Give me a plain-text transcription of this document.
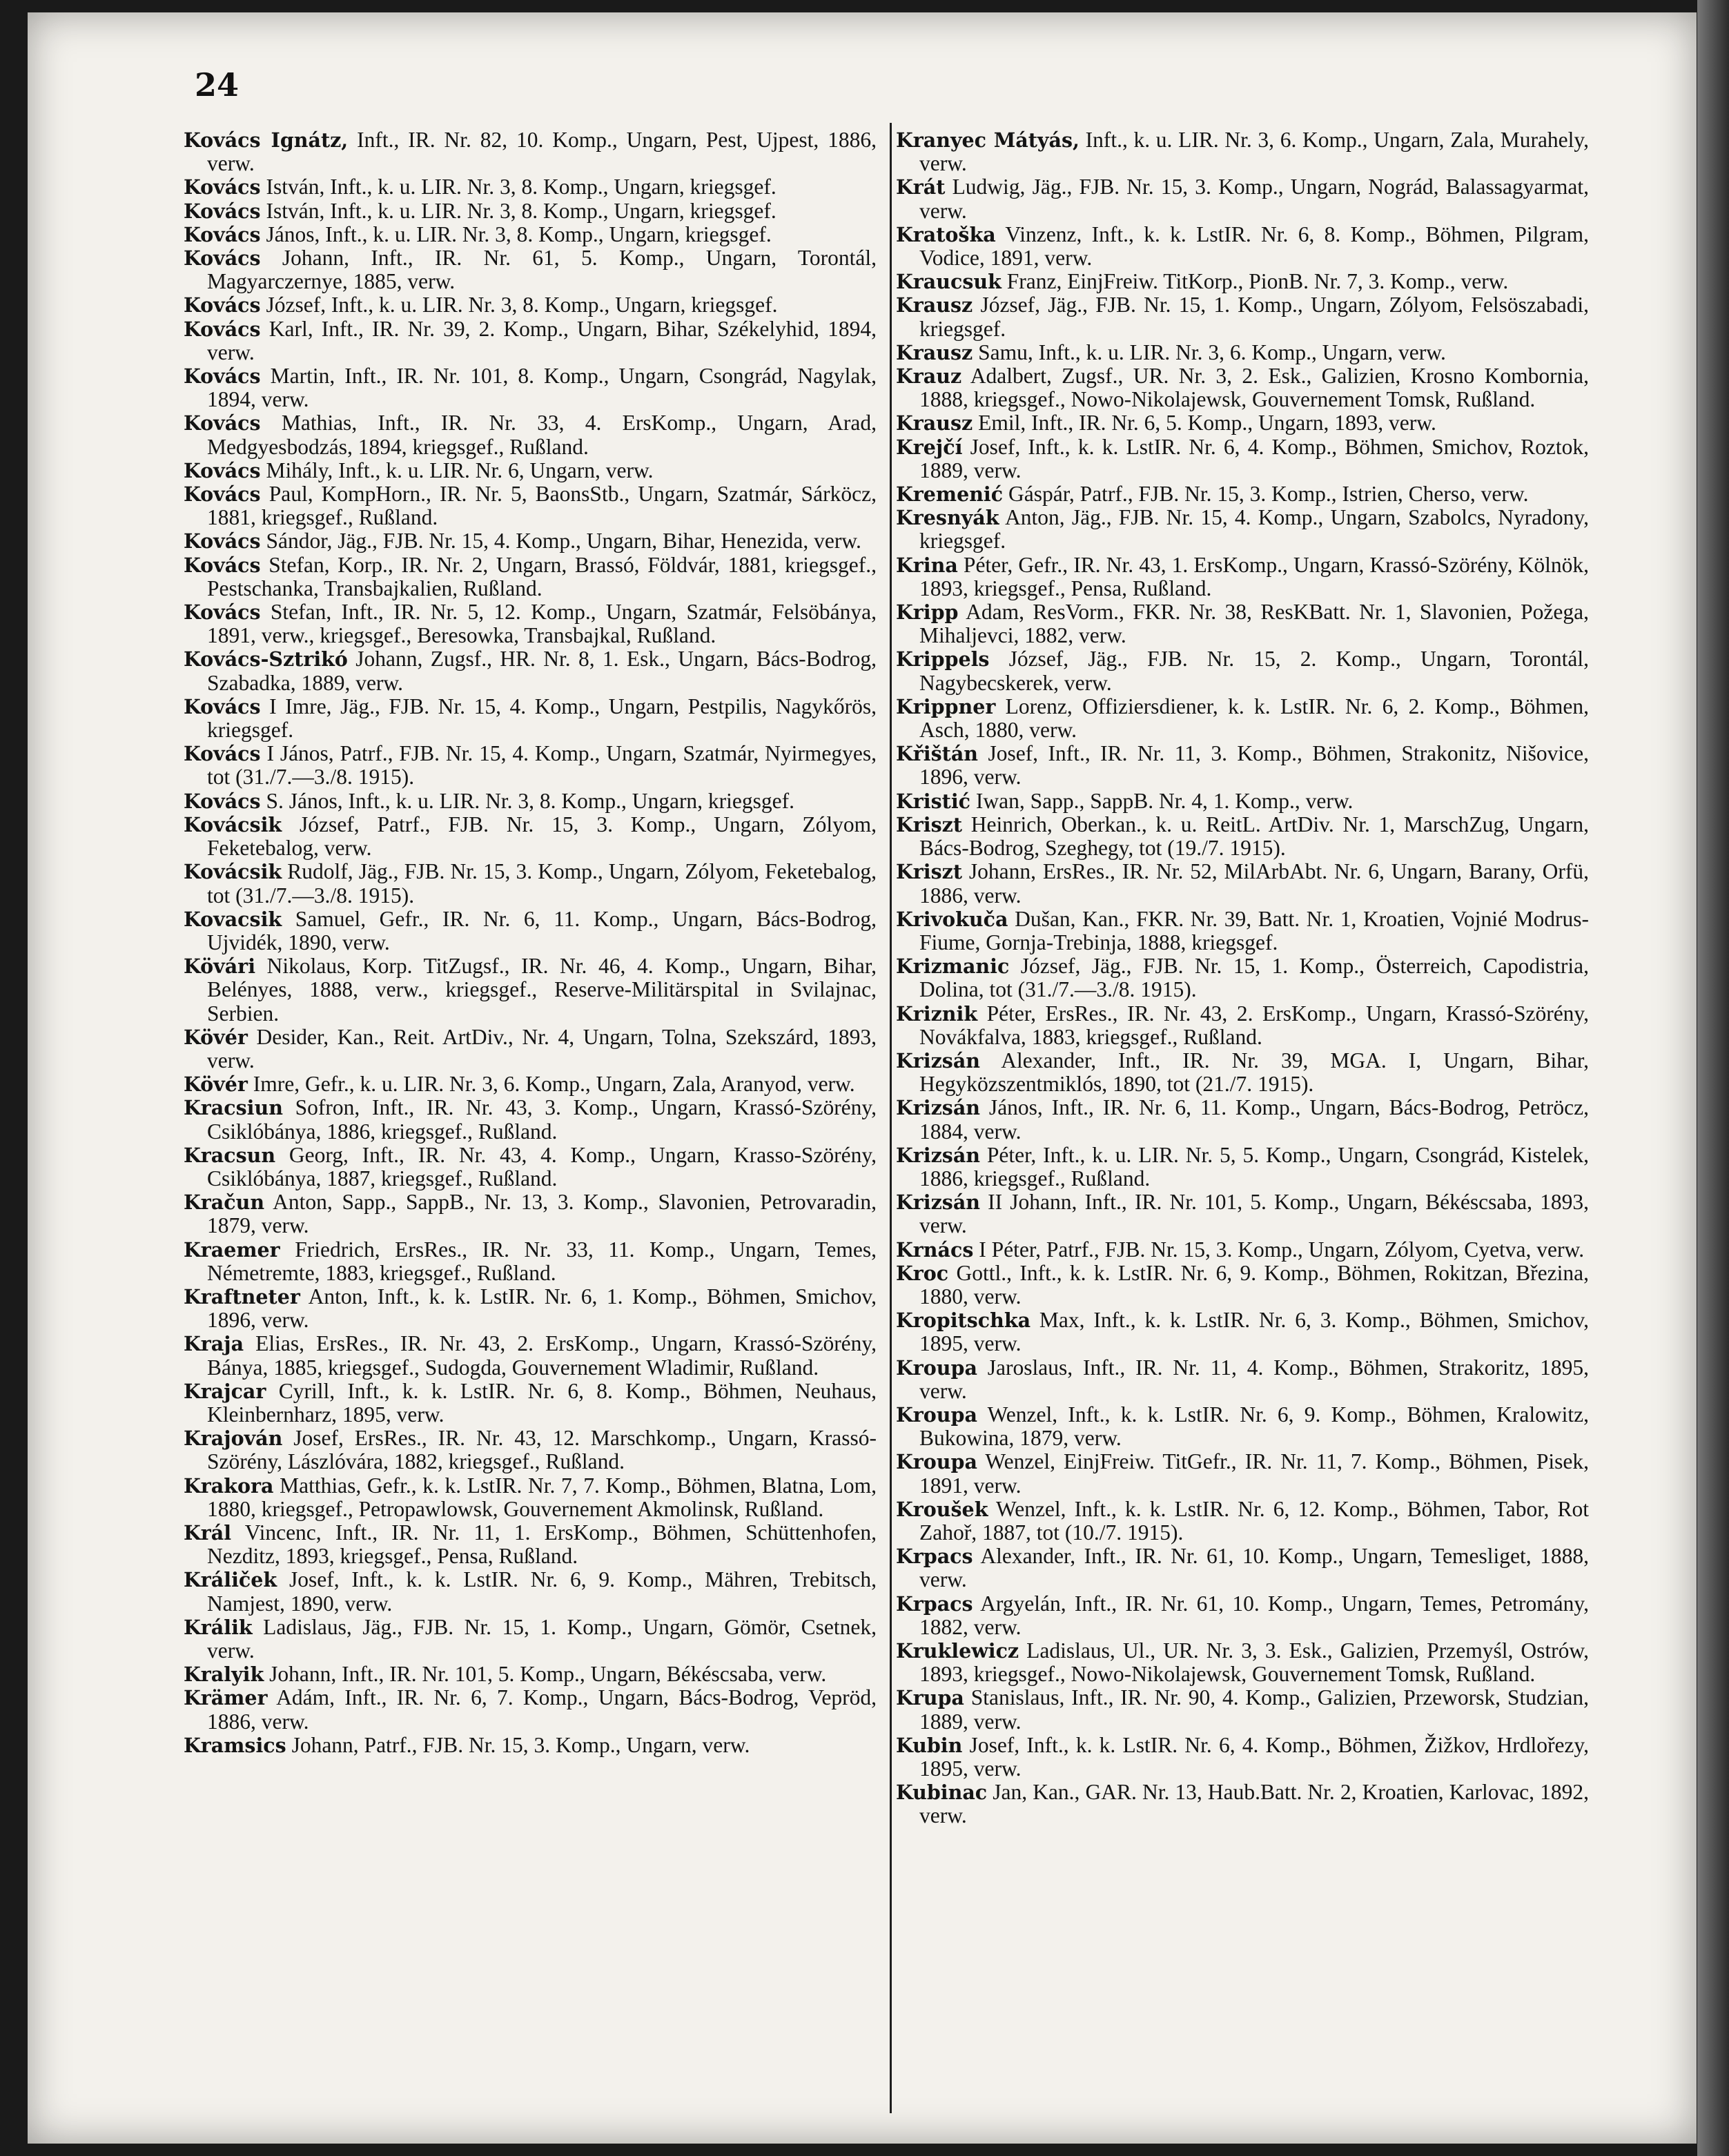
24

Kovács Ignátz, Inft., IR. Nr. 82, 10. Komp., Ungarn, Pest, Ujpest, 1886, verw.

Kovács István, Inft., k. u. LIR. Nr. 3, 8. Komp., Ungarn, kriegsgef.

Kovács István, Inft., k. u. LIR. Nr. 3, 8. Komp., Ungarn, kriegsgef.

Kovács János, Inft., k. u. LIR. Nr. 3, 8. Komp., Ungarn, kriegsgef.

Kovács Johann, Inft., IR. Nr. 61, 5. Komp., Ungarn, Torontál, Magyarczernye, 1885, verw.

Kovács József, Inft., k. u. LIR. Nr. 3, 8. Komp., Ungarn, kriegsgef.

Kovács Karl, Inft., IR. Nr. 39, 2. Komp., Ungarn, Bihar, Székelyhid, 1894, verw.

Kovács Martin, Inft., IR. Nr. 101, 8. Komp., Ungarn, Csongrád, Nagylak, 1894, verw.

Kovács Mathias, Inft., IR. Nr. 33, 4. ErsKomp., Ungarn, Arad, Medgyesbodzás, 1894, kriegsgef., Rußland.

Kovács Mihály, Inft., k. u. LIR. Nr. 6, Ungarn, verw.

Kovács Paul, KompHorn., IR. Nr. 5, BaonsStb., Ungarn, Szatmár, Sárköcz, 1881, kriegsgef., Rußland.

Kovács Sándor, Jäg., FJB. Nr. 15, 4. Komp., Ungarn, Bihar, Henezida, verw.

Kovács Stefan, Korp., IR. Nr. 2, Ungarn, Brassó, Földvár, 1881, kriegsgef., Pestschanka, Transbajkalien, Rußland.

Kovács Stefan, Inft., IR. Nr. 5, 12. Komp., Ungarn, Szatmár, Felsöbánya, 1891, verw., kriegsgef., Beresowka, Transbajkal, Rußland.

Kovács-Sztrikó Johann, Zugsf., HR. Nr. 8, 1. Esk., Ungarn, Bács-Bodrog, Szabadka, 1889, verw.

Kovács I Imre, Jäg., FJB. Nr. 15, 4. Komp., Ungarn, Pestpilis, Nagykőrös, kriegsgef.

Kovács I János, Patrf., FJB. Nr. 15, 4. Komp., Ungarn, Szatmár, Nyirmegyes, tot (31./7.—3./8. 1915).

Kovács S. János, Inft., k. u. LIR. Nr. 3, 8. Komp., Ungarn, kriegsgef.

Kovácsik József, Patrf., FJB. Nr. 15, 3. Komp., Ungarn, Zólyom, Feketebalog, verw.

Kovácsik Rudolf, Jäg., FJB. Nr. 15, 3. Komp., Ungarn, Zólyom, Feketebalog, tot (31./7.—3./8. 1915).

Kovacsik Samuel, Gefr., IR. Nr. 6, 11. Komp., Ungarn, Bács-Bodrog, Ujvidék, 1890, verw.

Kövári Nikolaus, Korp. TitZugsf., IR. Nr. 46, 4. Komp., Ungarn, Bihar, Belényes, 1888, verw., kriegsgef., Reserve-Militärspital in Svilajnac, Serbien.

Kövér Desider, Kan., Reit. ArtDiv., Nr. 4, Ungarn, Tolna, Szekszárd, 1893, verw.

Kövér Imre, Gefr., k. u. LIR. Nr. 3, 6. Komp., Ungarn, Zala, Aranyod, verw.

Kracsiun Sofron, Inft., IR. Nr. 43, 3. Komp., Ungarn, Krassó-Szörény, Csiklóbánya, 1886, kriegsgef., Rußland.

Kracsun Georg, Inft., IR. Nr. 43, 4. Komp., Ungarn, Krasso-Szörény, Csiklóbánya, 1887, kriegsgef., Rußland.

Kračun Anton, Sapp., SappB., Nr. 13, 3. Komp., Slavonien, Petrovaradin, 1879, verw.

Kraemer Friedrich, ErsRes., IR. Nr. 33, 11. Komp., Ungarn, Temes, Németremte, 1883, kriegsgef., Rußland.

Kraftneter Anton, Inft., k. k. LstIR. Nr. 6, 1. Komp., Böhmen, Smichov, 1896, verw.

Kraja Elias, ErsRes., IR. Nr. 43, 2. ErsKomp., Ungarn, Krassó-Szörény, Bánya, 1885, kriegsgef., Sudogda, Gouvernement Wladimir, Rußland.

Krajcar Cyrill, Inft., k. k. LstIR. Nr. 6, 8. Komp., Böhmen, Neuhaus, Kleinbernharz, 1895, verw.

Krajován Josef, ErsRes., IR. Nr. 43, 12. Marschkomp., Ungarn, Krassó-Szörény, Lászlóvára, 1882, kriegsgef., Rußland.

Krakora Matthias, Gefr., k. k. LstIR. Nr. 7, 7. Komp., Böhmen, Blatna, Lom, 1880, kriegsgef., Petropawlowsk, Gouvernement Akmolinsk, Rußland.

Král Vincenc, Inft., IR. Nr. 11, 1. ErsKomp., Böhmen, Schüttenhofen, Nezditz, 1893, kriegsgef., Pensa, Rußland.

Králiček Josef, Inft., k. k. LstIR. Nr. 6, 9. Komp., Mähren, Trebitsch, Namjest, 1890, verw.

Králik Ladislaus, Jäg., FJB. Nr. 15, 1. Komp., Ungarn, Gömör, Csetnek, verw.

Kralyik Johann, Inft., IR. Nr. 101, 5. Komp., Ungarn, Békéscsaba, verw.

Krämer Adám, Inft., IR. Nr. 6, 7. Komp., Ungarn, Bács-Bodrog, Vepröd, 1886, verw.

Kramsics Johann, Patrf., FJB. Nr. 15, 3. Komp., Ungarn, verw.

Kranyec Mátyás, Inft., k. u. LIR. Nr. 3, 6. Komp., Ungarn, Zala, Murahely, verw.

Krát Ludwig, Jäg., FJB. Nr. 15, 3. Komp., Ungarn, Nográd, Balassagyarmat, verw.

Kratoška Vinzenz, Inft., k. k. LstIR. Nr. 6, 8. Komp., Böhmen, Pilgram, Vodice, 1891, verw.

Kraucsuk Franz, EinjFreiw. TitKorp., PionB. Nr. 7, 3. Komp., verw.

Krausz József, Jäg., FJB. Nr. 15, 1. Komp., Ungarn, Zólyom, Felsöszabadi, kriegsgef.

Krausz Samu, Inft., k. u. LIR. Nr. 3, 6. Komp., Ungarn, verw.

Krauz Adalbert, Zugsf., UR. Nr. 3, 2. Esk., Galizien, Krosno Kombornia, 1888, kriegsgef., Nowo-Nikolajewsk, Gouvernement Tomsk, Rußland.

Krausz Emil, Inft., IR. Nr. 6, 5. Komp., Ungarn, 1893, verw.

Krejčí Josef, Inft., k. k. LstIR. Nr. 6, 4. Komp., Böhmen, Smichov, Roztok, 1889, verw.

Kremenić Gáspár, Patrf., FJB. Nr. 15, 3. Komp., Istrien, Cherso, verw.

Kresnyák Anton, Jäg., FJB. Nr. 15, 4. Komp., Ungarn, Szabolcs, Nyradony, kriegsgef.

Krina Péter, Gefr., IR. Nr. 43, 1. ErsKomp., Ungarn, Krassó-Szörény, Kölnök, 1893, kriegsgef., Pensa, Rußland.

Kripp Adam, ResVorm., FKR. Nr. 38, ResKBatt. Nr. 1, Slavonien, Požega, Mihaljevci, 1882, verw.

Krippels József, Jäg., FJB. Nr. 15, 2. Komp., Ungarn, Torontál, Nagybecskerek, verw.

Krippner Lorenz, Offiziersdiener, k. k. LstIR. Nr. 6, 2. Komp., Böhmen, Asch, 1880, verw.

Křištán Josef, Inft., IR. Nr. 11, 3. Komp., Böhmen, Strakonitz, Nišovice, 1896, verw.

Kristić Iwan, Sapp., SappB. Nr. 4, 1. Komp., verw.

Kriszt Heinrich, Oberkan., k. u. ReitL. ArtDiv. Nr. 1, MarschZug, Ungarn, Bács-Bodrog, Szeghegy, tot (19./7. 1915).

Kriszt Johann, ErsRes., IR. Nr. 52, MilArbAbt. Nr. 6, Ungarn, Barany, Orfü, 1886, verw.

Krivokuča Dušan, Kan., FKR. Nr. 39, Batt. Nr. 1, Kroatien, Vojnié Modrus-Fiume, Gornja-Trebinja, 1888, kriegsgef.

Krizmanic József, Jäg., FJB. Nr. 15, 1. Komp., Österreich, Capodistria, Dolina, tot (31./7.—3./8. 1915).

Kriznik Péter, ErsRes., IR. Nr. 43, 2. ErsKomp., Ungarn, Krassó-Szörény, Novákfalva, 1883, kriegsgef., Rußland.

Krizsán Alexander, Inft., IR. Nr. 39, MGA. I, Ungarn, Bihar, Hegyközszentmiklós, 1890, tot (21./7. 1915).

Krizsán János, Inft., IR. Nr. 6, 11. Komp., Ungarn, Bács-Bodrog, Petröcz, 1884, verw.

Krizsán Péter, Inft., k. u. LIR. Nr. 5, 5. Komp., Ungarn, Csongrád, Kistelek, 1886, kriegsgef., Rußland.

Krizsán II Johann, Inft., IR. Nr. 101, 5. Komp., Ungarn, Békéscsaba, 1893, verw.

Krnács I Péter, Patrf., FJB. Nr. 15, 3. Komp., Ungarn, Zólyom, Cyetva, verw.

Kroc Gottl., Inft., k. k. LstIR. Nr. 6, 9. Komp., Böhmen, Rokitzan, Březina, 1880, verw.

Kropitschka Max, Inft., k. k. LstIR. Nr. 6, 3. Komp., Böhmen, Smichov, 1895, verw.

Kroupa Jaroslaus, Inft., IR. Nr. 11, 4. Komp., Böhmen, Strakoritz, 1895, verw.

Kroupa Wenzel, Inft., k. k. LstIR. Nr. 6, 9. Komp., Böhmen, Kralowitz, Bukowina, 1879, verw.

Kroupa Wenzel, EinjFreiw. TitGefr., IR. Nr. 11, 7. Komp., Böhmen, Pisek, 1891, verw.

Kroušek Wenzel, Inft., k. k. LstIR. Nr. 6, 12. Komp., Böhmen, Tabor, Rot Zahoř, 1887, tot (10./7. 1915).

Krpacs Alexander, Inft., IR. Nr. 61, 10. Komp., Ungarn, Temesliget, 1888, verw.

Krpacs Argyelán, Inft., IR. Nr. 61, 10. Komp., Ungarn, Temes, Petromány, 1882, verw.

Kruklewicz Ladislaus, Ul., UR. Nr. 3, 3. Esk., Galizien, Przemyśl, Ostrów, 1893, kriegsgef., Nowo-Nikolajewsk, Gouvernement Tomsk, Rußland.

Krupa Stanislaus, Inft., IR. Nr. 90, 4. Komp., Galizien, Przeworsk, Studzian, 1889, verw.

Kubin Josef, Inft., k. k. LstIR. Nr. 6, 4. Komp., Böhmen, Žižkov, Hrdlořezy, 1895, verw.

Kubinac Jan, Kan., GAR. Nr. 13, Haub.Batt. Nr. 2, Kroatien, Karlovac, 1892, verw.
